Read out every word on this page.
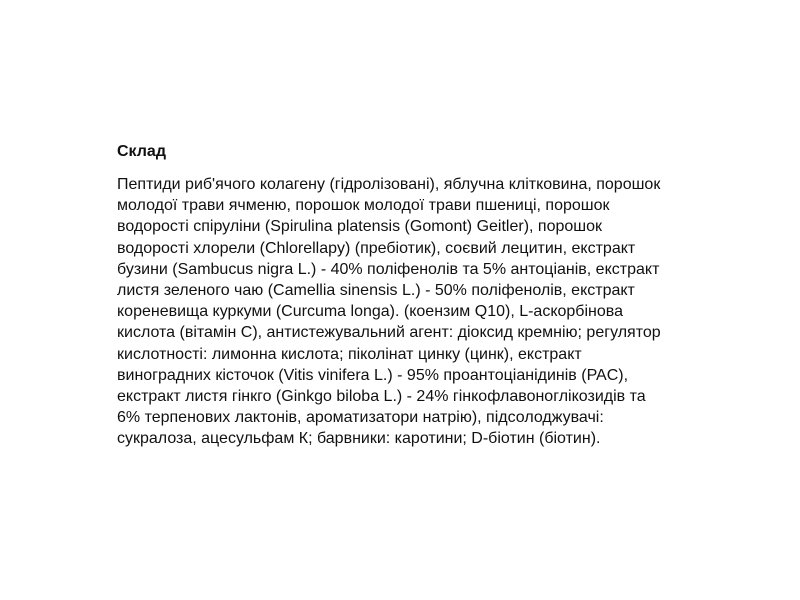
Склад

Пептиди риб'ячого колагену (гідролізовані), яблучна клітковина, порошок
молодої трави ячменю, порошок молодої трави пшениці, порошок
водорості спіруліни (Spirulina platensis (Gomont) Geitler), порошок
водорості хлорели (Chlorellapy) (пребіотик), соєвий лецитин, екстракт
бузини (Sambucus nigra L.) - 40% поліфенолів та 5% антоціанів, екстракт
листя зеленого чаю (Camellia sinensis L.) - 50% поліфенолів, екстракт
кореневища куркуми (Curcuma longa). (коензим Q10), L-аскорбінова
кислота (вітамін С), антистежувальний агент: діоксид кремнію; регулятор
кислотності: лимонна кислота; піколінат цинку (цинк), екстракт
виноградних кісточок (Vitis vinifera L.) - 95% проантоціанідинів (PAC),
екстракт листя гінкго (Ginkgo biloba L.) - 24% гінкофлавоноглікозидів та
6% терпенових лактонів, ароматизатори натрію), підсолоджувачі:
сукралоза, ацесульфам К; барвники: каротини; D-біотин (біотин).
